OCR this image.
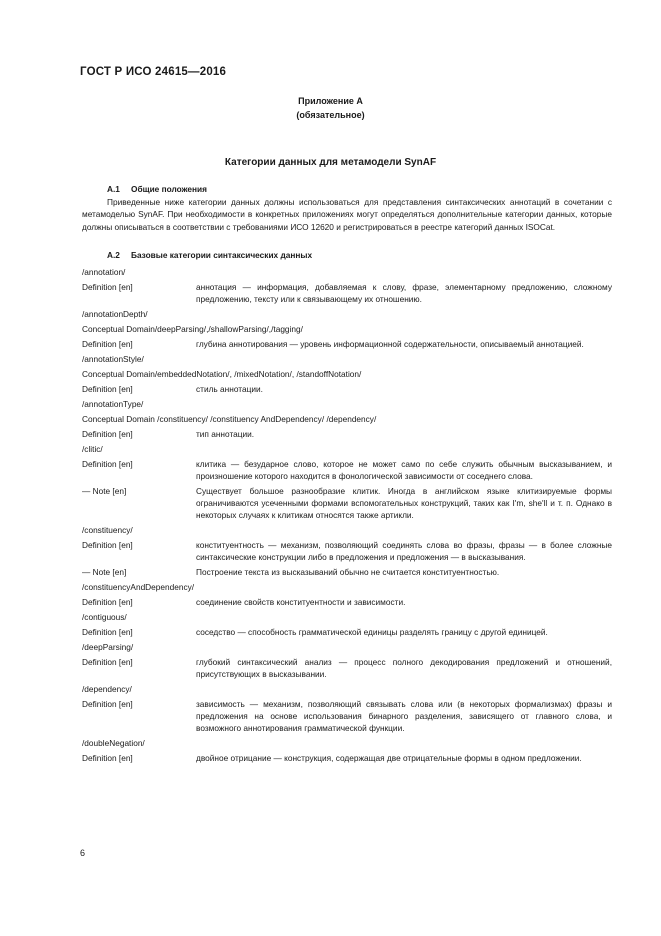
ГОСТ Р ИСО 24615—2016
Приложение А
(обязательное)
Категории данных для метамодели SynAF
А.1 Общие положения

Приведенные ниже категории данных должны использоваться для представления синтаксических аннотаций в сочетании с метамоделью SynAF. При необходимости в конкретных приложениях могут определяться дополнительные категории данных, которые должны описываться в соответствии с требованиями ИСО 12620 и регистрироваться в реестре категорий данных ISOCat.

А.2 Базовые категории синтаксических данных
/annotation/
Definition [en]	аннотация — информация, добавляемая к слову, фразе, элементарному предложению, сложному предложению, тексту или к связывающему их отношению.
/annotationDepth/
Conceptual Domain/deepParsing/,/shallowParsing/,/tagging/
Definition [en]	глубина аннотирования — уровень информационной содержательности, описываемый аннотацией.
/annotationStyle/
Conceptual Domain/embeddedNotation/, /mixedNotation/, /standoffNotation/
Definition [en]	стиль аннотации.
/annotationType/
Conceptual Domain /constituency/ /constituency AndDependency/ /dependency/
Definition [en]	тип аннотации.
/clitic/
Definition [en]	клитика — безударное слово, которое не может само по себе служить обычным высказыванием, и произношение которого находится в фонологической зависимости от соседнего слова.
— Note [en]	Существует большое разнообразие клитик. Иногда в английском языке клитизируемые формы ограничиваются усеченными формами вспомогательных конструкций, таких как I'm, she'll и т. п. Однако в некоторых случаях к клитикам относятся также артикли.
/constituency/
Definition [en]	конституентность — механизм, позволяющий соединять слова во фразы, фразы — в более сложные синтаксические конструкции либо в предложения и предложения — в высказывания.
— Note [en]	Построение текста из высказываний обычно не считается конституентностью.
/constituencyAndDependency/
Definition [en]	соединение свойств конституентности и зависимости.
/contiguous/
Definition [en]	соседство — способность грамматической единицы разделять границу с другой единицей.
/deepParsing/
Definition [en]	глубокий синтаксический анализ — процесс полного декодирования предложений и отношений, присутствующих в высказывании.
/dependency/
Definition [en]	зависимость — механизм, позволяющий связывать слова или (в некоторых формализмах) фразы и предложения на основе использования бинарного разделения, зависящего от главного слова, и возможного аннотирования грамматической функции.
/doubleNegation/
Definition [en]	двойное отрицание — конструкция, содержащая две отрицательные формы в одном предложении.
6
